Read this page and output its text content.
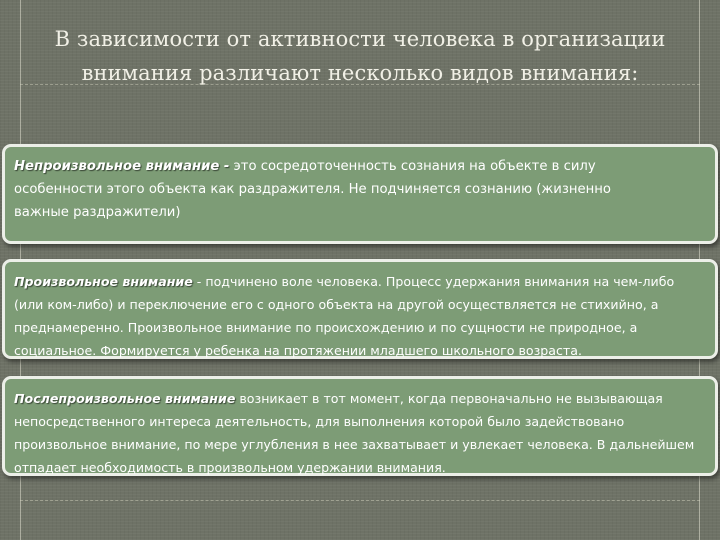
В зависимости от активности человека в организации
внимания различают несколько видов внимания:
Непроизвольное внимание - это сосредоточенность сознания на объекте в силу
особенности этого объекта как раздражителя. Не подчиняется сознанию (жизненно
важные раздражители)
Произвольное внимание - подчинено воле человека. Процесс удержания внимания на чем-либо
(или ком-либо) и переключение его с одного объекта на другой осуществляется не стихийно, а
преднамеренно. Произвольное внимание по происхождению и по сущности не природное, а
социальное. Формируется у ребенка на протяжении младшего школьного возраста.
Послепроизвольное внимание возникает в тот момент, когда первоначально не вызывающая
непосредственного интереса деятельность, для выполнения которой было задействовано
произвольное внимание, по мере углубления в нее захватывает и увлекает человека. В дальнейшем
отпадает необходимость в произвольном удержании внимания.
